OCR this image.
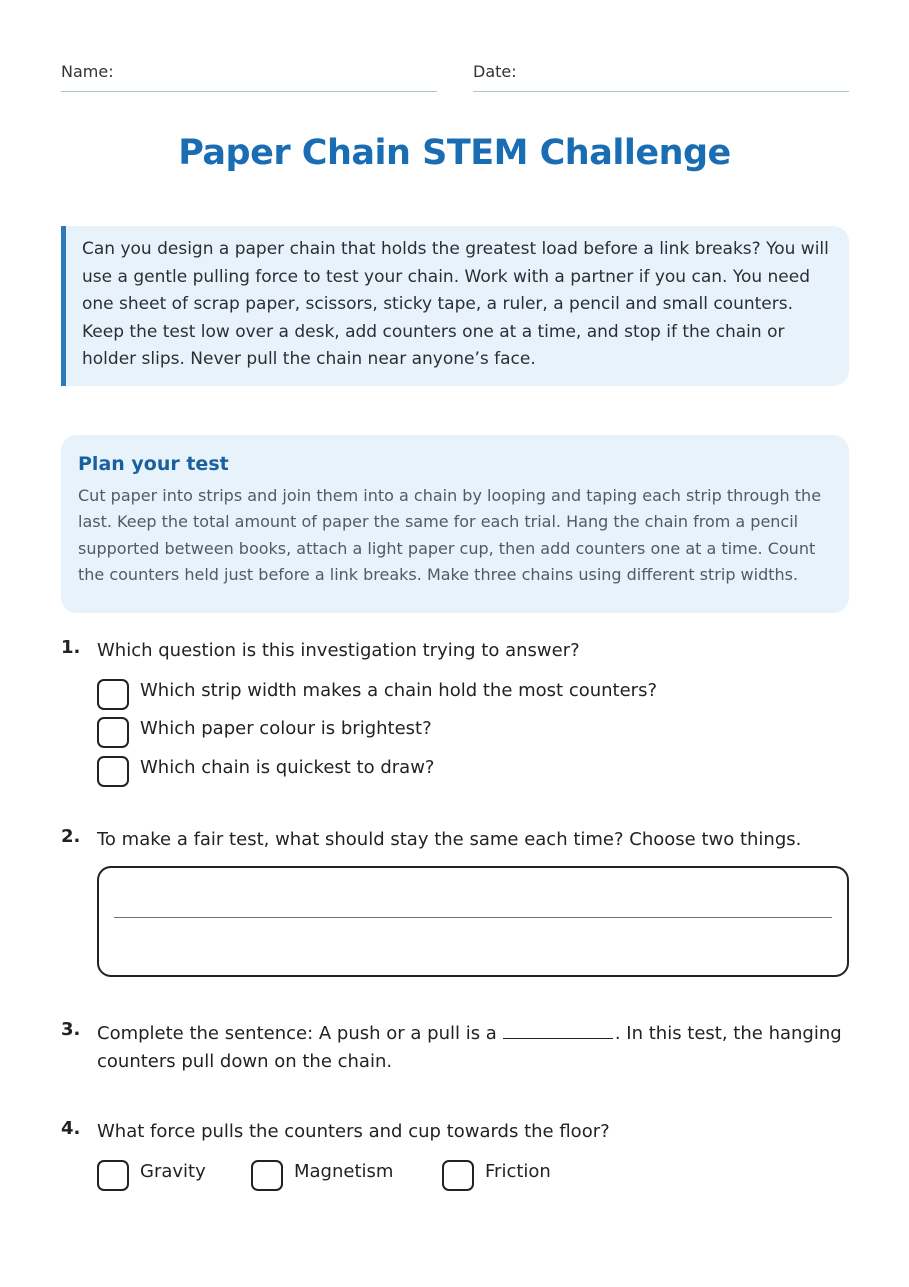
Name:	Date:
Paper Chain STEM Challenge

Can you design a paper chain that holds the greatest load before a link breaks? You will use a gentle pulling force to test your chain. Work with a partner if you can. You need one sheet of scrap paper, scissors, sticky tape, a ruler, a pencil and small counters. Keep the test low over a desk, add counters one at a time, and stop if the chain or holder slips. Never pull the chain near anyone’s face.

Plan your test

Cut paper into strips and join them into a chain by looping and taping each strip through the last. Keep the total amount of paper the same for each trial. Hang the chain from a pencil supported between books, attach a light paper cup, then add counters one at a time. Count the counters held just before a link breaks. Make three chains using different strip widths.

1. Which question is this investigation trying to answer?
Which strip width makes a chain hold the most counters?
Which paper colour is brightest?
Which chain is quickest to draw?
2. To make a fair test, what should stay the same each time? Choose two things.
3. Complete the sentence: A push or a pull is a	. In this test, the hanging counters pull down on the chain.
4. What force pulls the counters and cup towards the floor?
Gravity	Magnetism	Friction
